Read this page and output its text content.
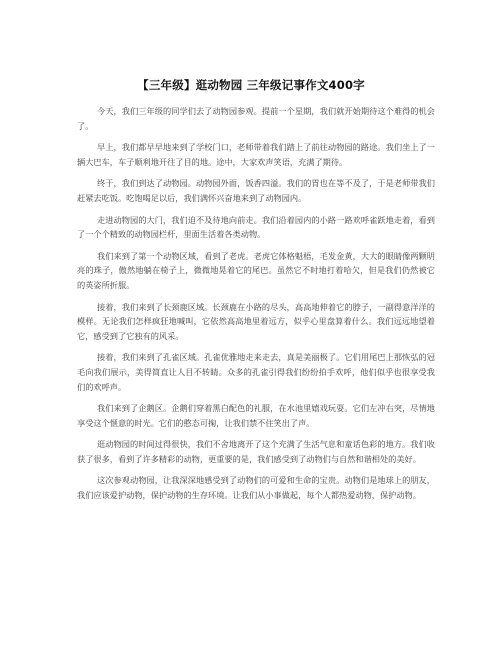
【三年级】逛动物园 三年级记事作文400字

今天，我们三年级的同学们去了动物园参观。提前一个星期，我们就开始期待这个难得的机会了。

早上，我们都早早地来到了学校门口，老师带着我们踏上了前往动物园的路途。我们坐上了一辆大巴车，车子顺利地开往了目的地。途中，大家欢声笑语，充满了期待。

终于，我们到达了动物园。动物园外面，饭香四溢。我们的胃也在等不及了，于是老师带我们赶紧去吃饭。吃饱喝足以后，我们满怀兴奋地来到了动物园内。

走进动物园的大门，我们迫不及待地向前走。我们沿着园内的小路一路欢呼雀跃地走着，看到了一个个精致的动物园栏杆，里面生活着各类动物。

我们来到了第一个动物区域，看到了老虎。老虎它体格魁梧，毛发金黄，大大的眼睛像两颗明亮的珠子，傲然地躺在椅子上，微微地晃着它的尾巴。虽然它不时地打着哈欠，但是我们仍然被它的英姿所折服。

接着，我们来到了长颈鹿区域。长颈鹿在小路的尽头，高高地伸着它的脖子，一副得意洋洋的模样。无论我们怎样疯狂地喊叫，它依然高高地里着远方，似乎心里盘算着什么。我们远远地望着它，感受到了它独有的风采。

接着，我们来到了孔雀区域。孔雀优雅地走来走去，真是美丽极了。它们用尾巴上那恢弘的冠毛向我们展示，美得简直让人目不转睛。众多的孔雀引得我们纷纷拍手欢呼，他们似乎也很享受我们的欢呼声。

我们来到了企鹅区。企鹅们穿着黑白配色的礼服，在水池里嬉戏玩耍。它们左冲右突，尽情地享受这个惬意的时光。它们的憨态可掬，让我们禁不住笑出了声。

逛动物园的时间过得很快，我们不舍地离开了这个充满了生活气息和童话色彩的地方。我们收获了很多，看到了许多精彩的动物，更重要的是，我们感受到了动物们与自然和谐相处的美好。

这次参观动物园，让我深深地感受到了动物们的可爱和生命的宝贵。动物们是地球上的朋友，我们应该爱护动物，保护动物的生存环境。让我们从小事做起，每个人都热爱动物，保护动物。
